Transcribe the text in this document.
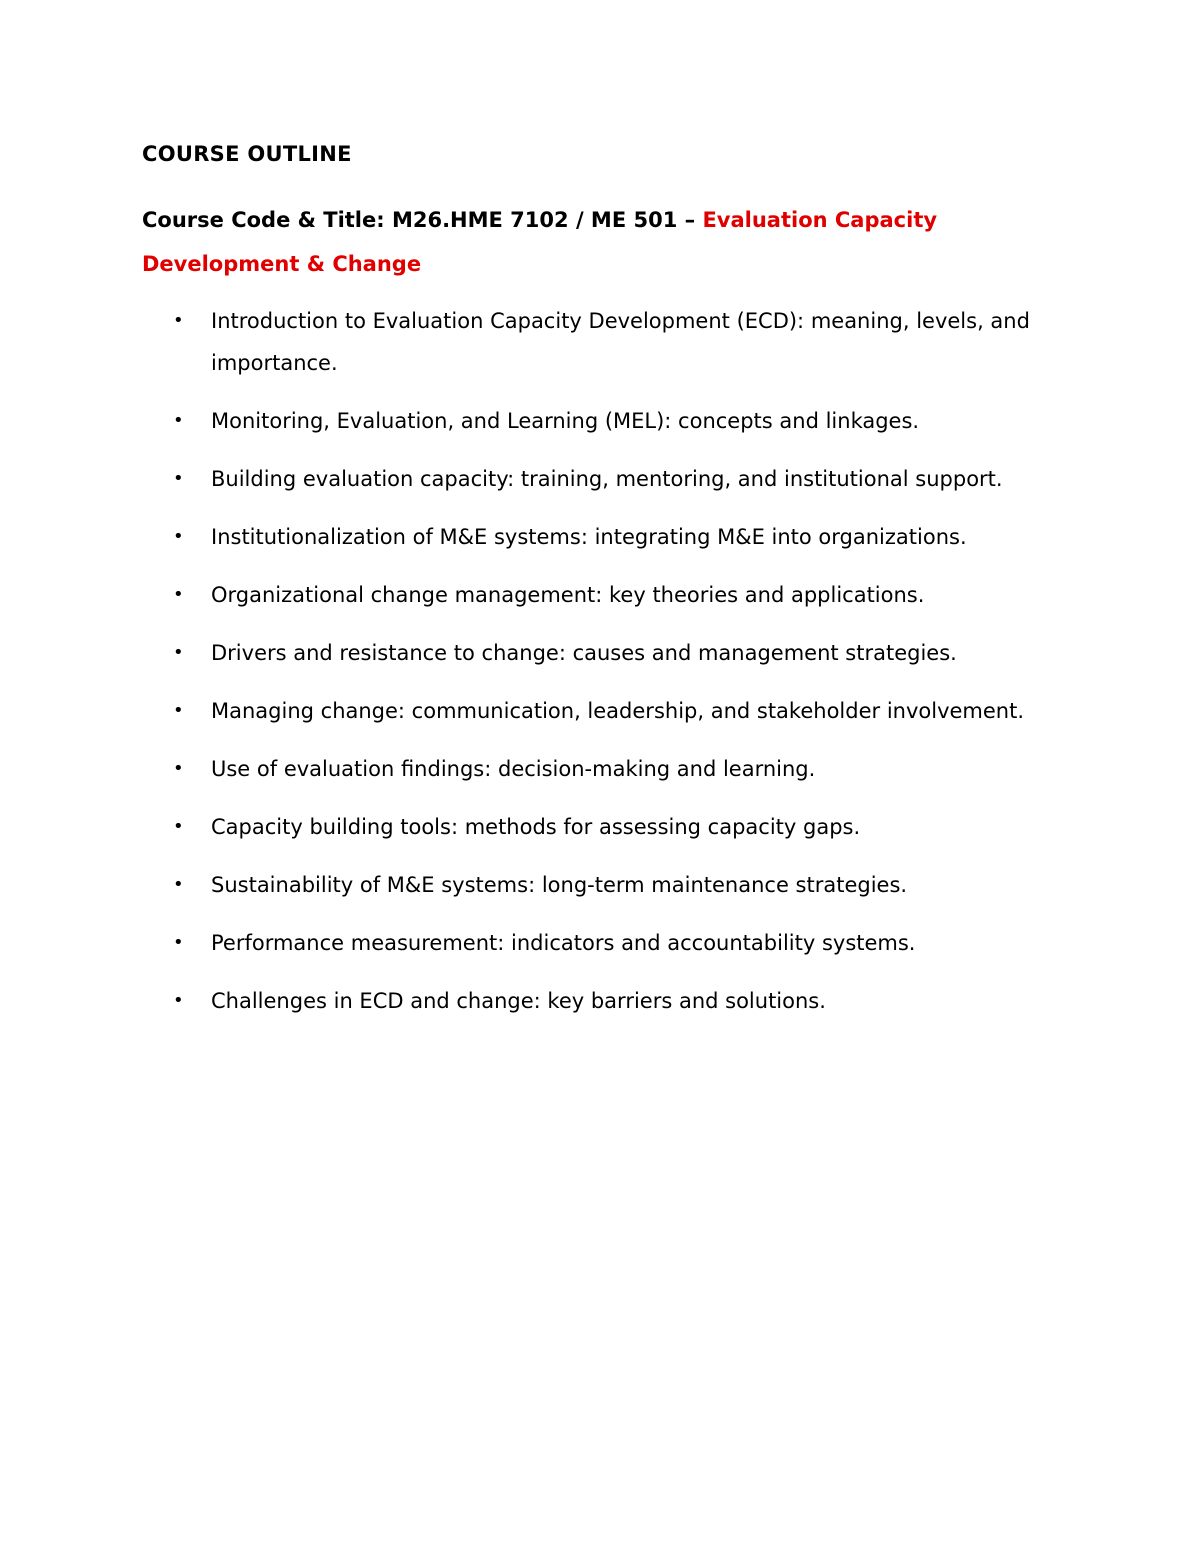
COURSE OUTLINE

Course Code & Title: M26.HME 7102 / ME 501 – Evaluation Capacity Development & Change

• Introduction to Evaluation Capacity Development (ECD): meaning, levels, and importance.
• Monitoring, Evaluation, and Learning (MEL): concepts and linkages.
• Building evaluation capacity: training, mentoring, and institutional support.
• Institutionalization of M&E systems: integrating M&E into organizations.
• Organizational change management: key theories and applications.
• Drivers and resistance to change: causes and management strategies.
• Managing change: communication, leadership, and stakeholder involvement.
• Use of evaluation findings: decision-making and learning.
• Capacity building tools: methods for assessing capacity gaps.
• Sustainability of M&E systems: long-term maintenance strategies.
• Performance measurement: indicators and accountability systems.
• Challenges in ECD and change: key barriers and solutions.
